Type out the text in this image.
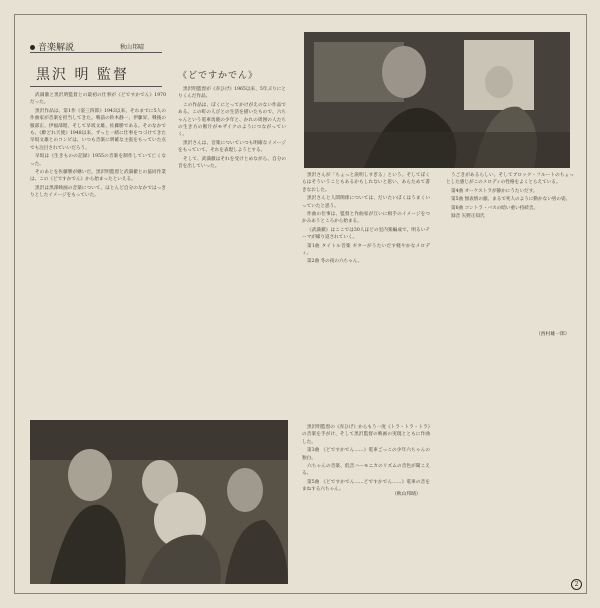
音楽解説	秋山邦晴
黒沢 明 監督

武満徹と黒沢明監督との最初の仕事が《どですかでん》1970だった。

黒沢作品は、第1作《姿三四郎》1943以来、それまでに5人の作曲家が音楽を担当してきた。戦前の鈴木静一、伊藤昇、戦後の服部正、伊福部昭、そして早坂文雄、佐藤勝である。そのなかでも、《酔どれ天使》1948以来、ずっと一緒に仕事をつづけてきた早坂文雄とのコンビは、いつも音楽に明確な主張をもっていた点でも注目されていいだろう。

早坂は《生きものの記録》1955の音楽を制作していて亡くなった。

そのあとを佐藤勝が継いだ。黒沢明監督と武満徹との協同作業は、この《どですかでん》から始まったといえる。

黒沢は黒澤映画の音楽について、ほとんど自分のなかではっきりとしたイメージをもっていた。

《どですかでん》

黒沢明監督が《赤ひげ》1965以来、5年ぶりにとりくんだ作品。

この作品は、ぼくにとってかけがえのない作品である。この町の人びとの生活を描いたもので、六ちゃんという電車馬鹿の少年と、かれの周囲の人たちの生き方の断片がモザイクのようにつながっていく。

黒沢さんは、音楽についていつも明確なイメージをもっていて、それを表現しようとする。

そして、武満徹はそれを受けとめながら、自分の音を出していった。

黒沢さんが「ちょっと説明しすぎる」という。そしてぼくらはそういうこともあるかもしれないと思い、あらためて書きなおした。

黒沢さんと人間関係については、だいたいぼくはうまくいっていたと思う。

作曲の仕事は、監督と作曲家が互いに相手のイメージをつかみあうところから始まる。

《武満徹》はここでは30人ほどの室内楽編成で、明るいテーマが繰り返されていく。

第1曲 タイトル音楽 ギターがうたいだす軽やかなメロディ。

第2曲 冬の夜の六ちゃん。

うごきがあるらしい。そしてブロック・フルートのちょっとした感じがこのメロディの性格をよくとらえている。

第4曲 オーケストラが静かにうたいだす。

第5曲 無表情の顔、まるで死人のように動かない男の姿。

第6曲 コントラ・バスの暗い重い持続音。

録音 矢野正知氏

黒沢明監督の《赤ひげ》からもう一度《トラ・トラ・トラ》の音楽を手がけ、そして黒沢監督の映画の実現とともに作曲した。

第3曲 《どですかでん……》電車ごっこの少年六ちゃんの独白。

六ちゃんの音楽、低音ハーモニカのリズムの音色が聞こえる。

第5曲 《どですかでん……どですかでん……》電車の音をまねする六ちゃん。

（秋山邦晴）
（西村雄一郎）
2
